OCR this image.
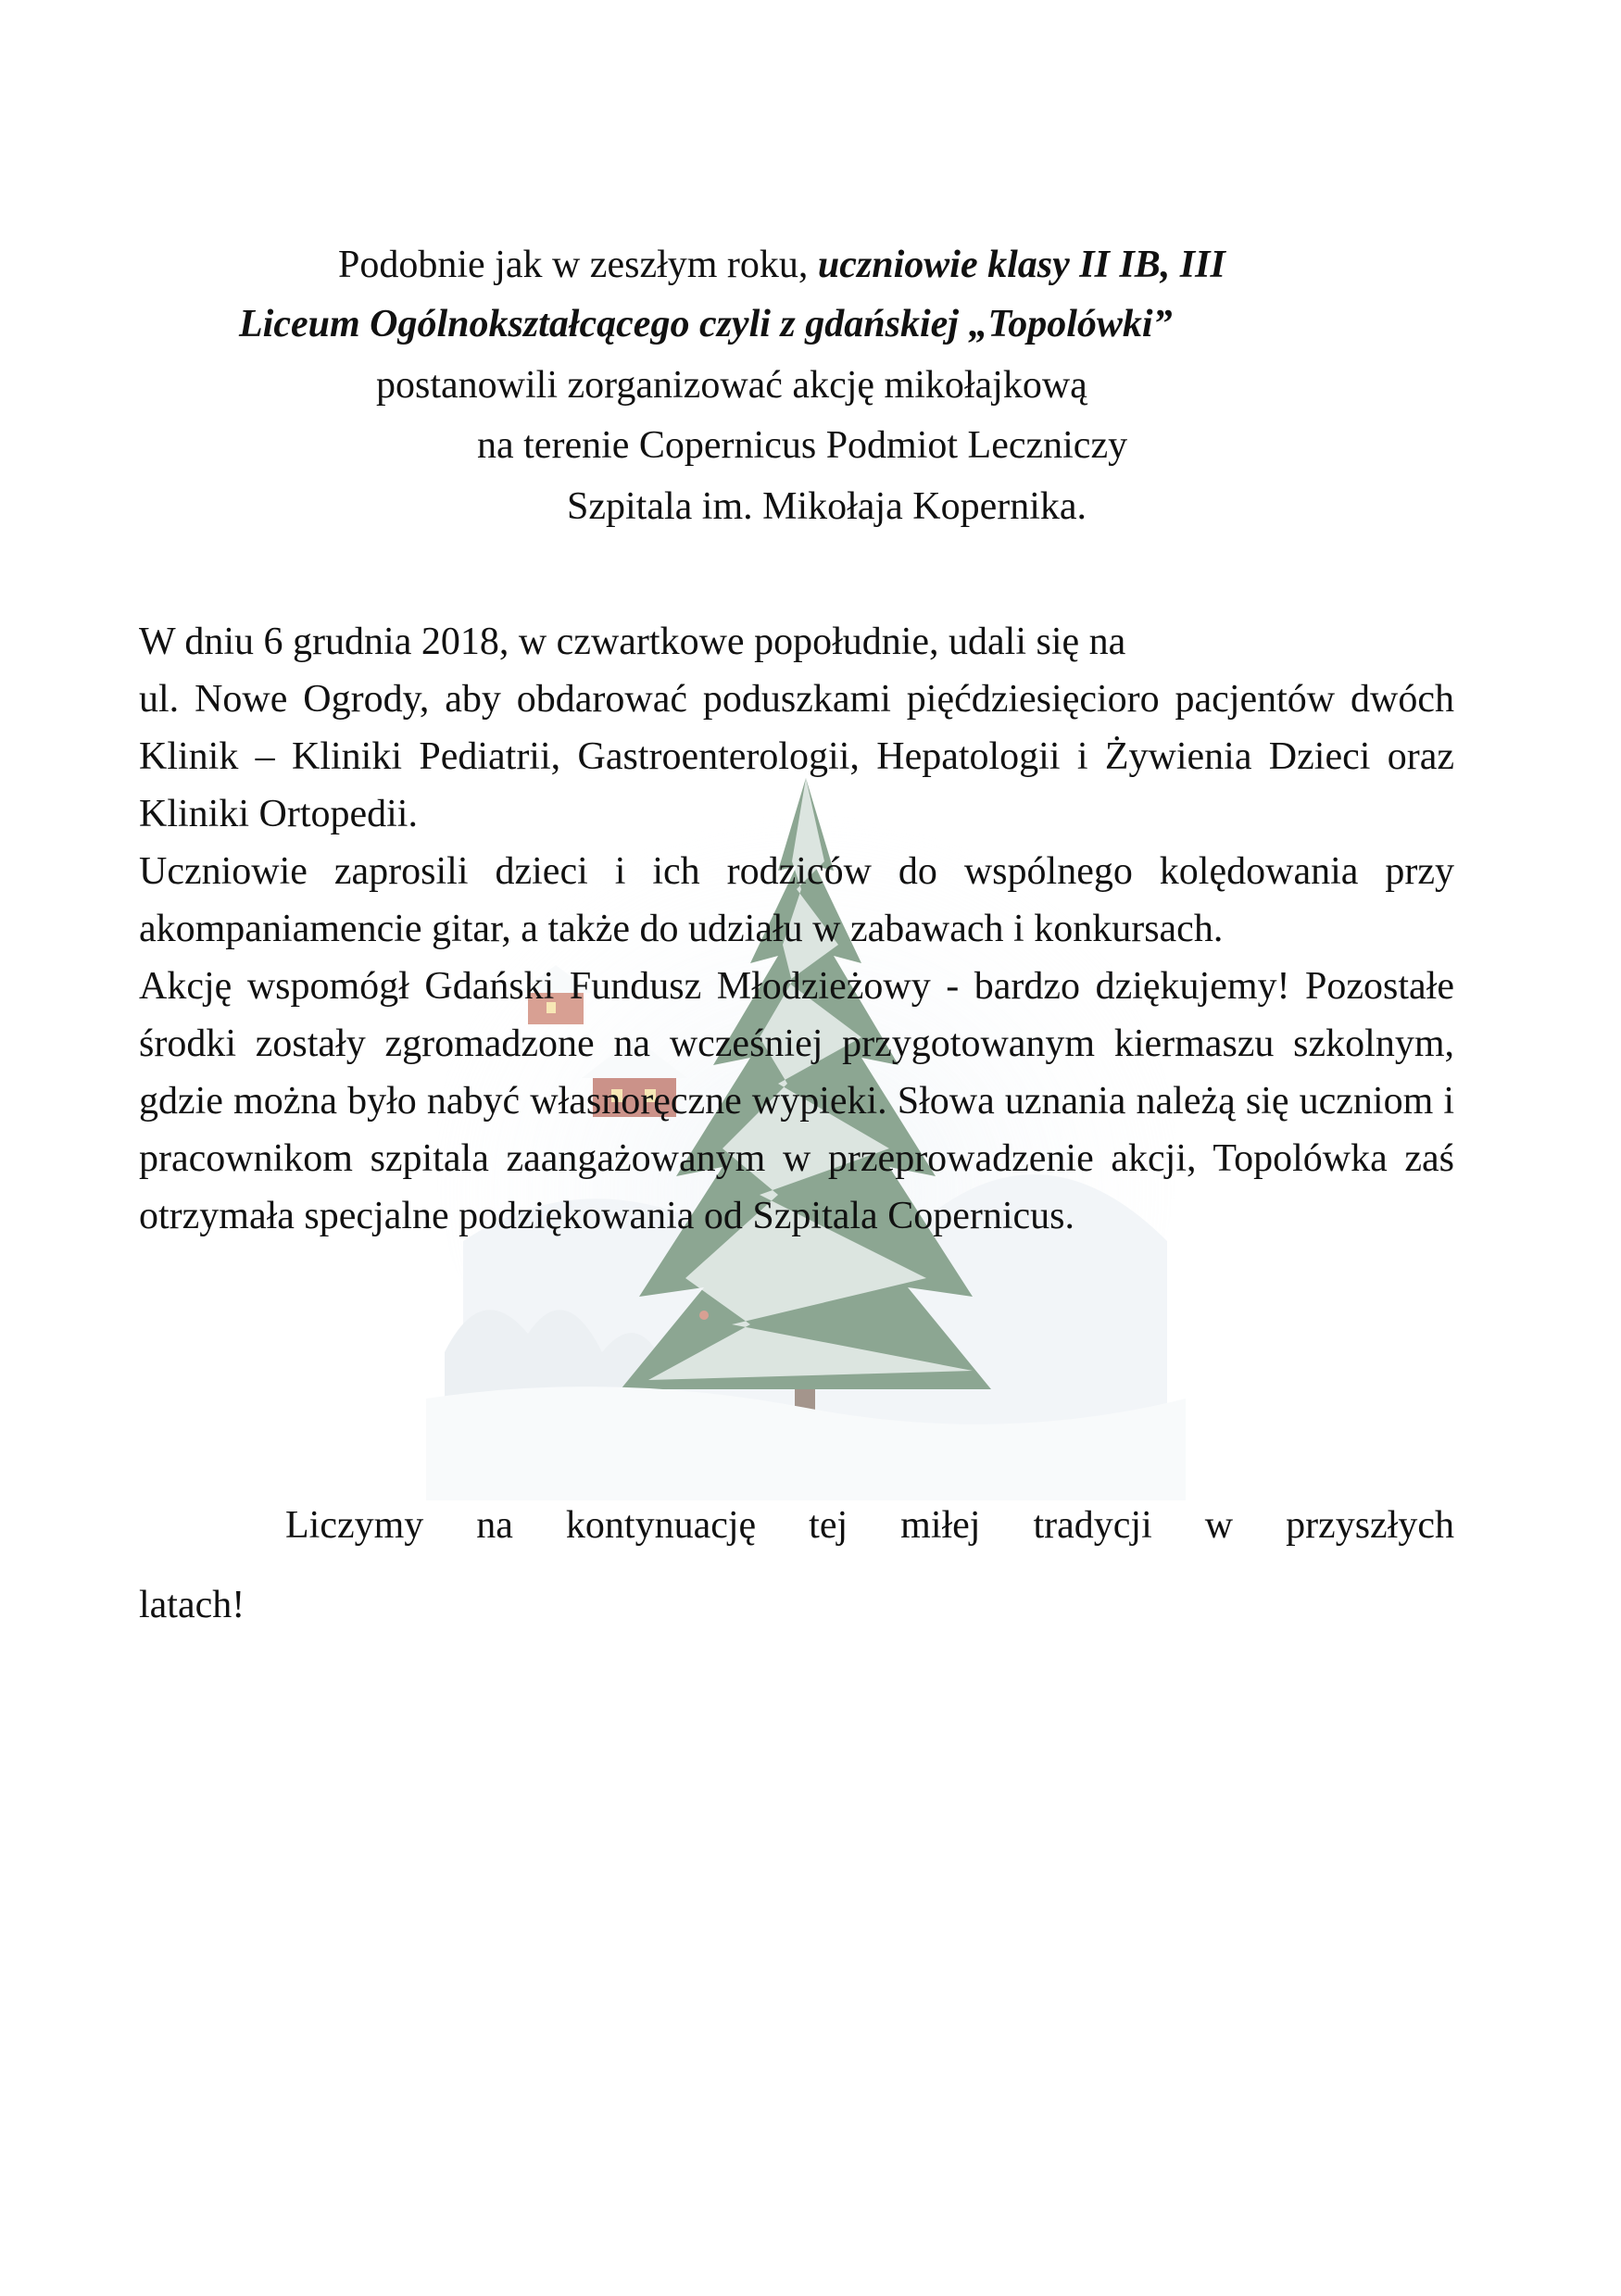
Podobnie jak w zeszłym roku, uczniowie klasy II IB, III
Liceum Ogólnokształcącego czyli z gdańskiej „Topolówki”
postanowili zorganizować akcję mikołajkową
na terenie Copernicus Podmiot Leczniczy
Szpitala im. Mikołaja Kopernika.

W dniu 6 grudnia 2018, w czwartkowe popołudnie, udali się na

ul. Nowe Ogrody, aby obdarować poduszkami pięćdziesięcioro pacjentów dwóch Klinik – Kliniki Pediatrii, Gastroenterologii, Hepatologii i Żywienia Dzieci oraz Kliniki Ortopedii.

Uczniowie zaprosili dzieci i ich rodziców do wspólnego kolędowania przy akompaniamencie gitar, a także do udziału w zabawach i konkursach.

Akcję wspomógł Gdański Fundusz Młodzieżowy - bardzo dziękujemy! Pozostałe środki zostały zgromadzone na wcześniej przygotowanym kiermaszu szkolnym, gdzie można było nabyć własnoręczne wypieki. Słowa uznania należą się uczniom i pracownikom szpitala zaangażowanym w przeprowadzenie akcji, Topolówka zaś otrzymała specjalne podziękowania od Szpitala Copernicus.

Liczymy na kontynuację tej miłej tradycji w przyszłych

latach!
